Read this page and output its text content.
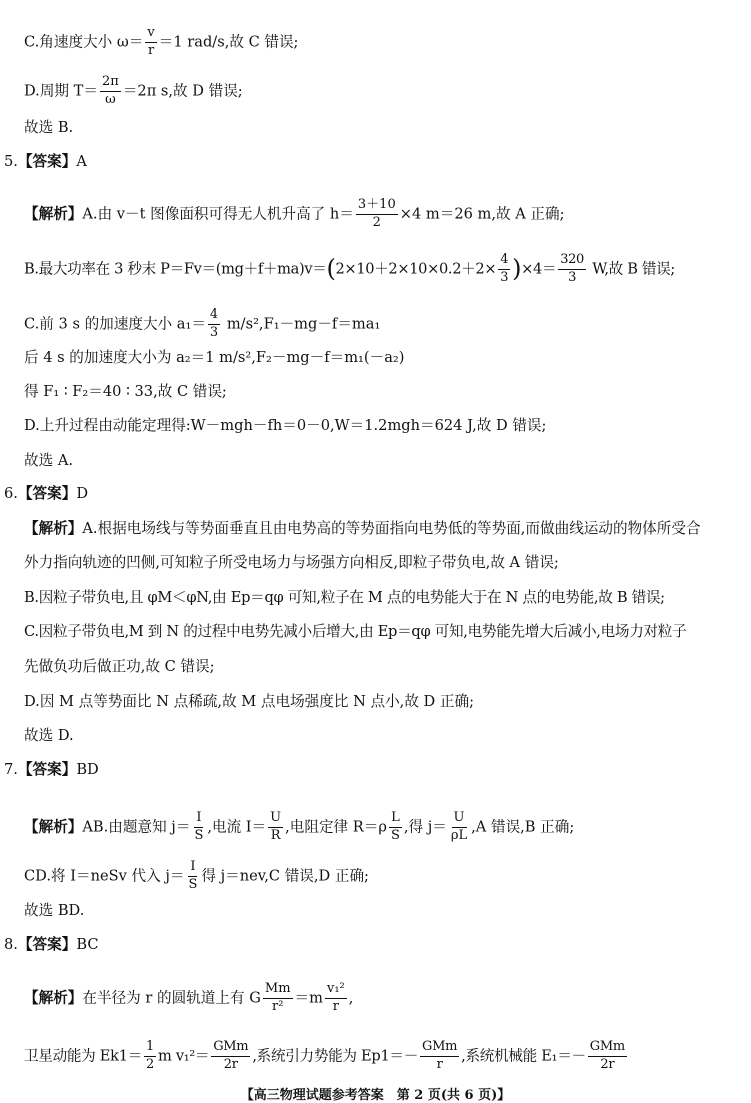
C.角速度大小 $\omega= \frac{v}{r} =1$ rad/s,故 C 错误;
D.周期 $T= \frac{2\pi}{\omega} =2\pi$ s,故 D 错误;
故选 B.
5.【答案】A
【解析】A.由 v－t 图像面积可得无人机升高了 $h= \frac{3+10}{2} \times 4$ m＝26 m,故 A 正确;
B.最大功率在 3 秒末 $P=Fv=(mg+f+ma)v=(2\times 10+2\times 10\times 0.2+2\times \frac{4}{3} )\times 4= \frac{320}{3} W$,故 B 错误;
C.前 3 s 的加速度大小 $a_1= \frac{4}{3} m/s^2,F_1-mg-f=ma_1$
后 4 s 的加速度大小为 a₂＝1 m/s²,F₂－mg－f＝m₁(－a₂)
得 F₁ ∶ F₂＝40 ∶ 33,故 C 错误;
D.上升过程由动能定理得:W－mgh－fh＝0－0,W＝1.2mgh＝624 J,故 D 错误;
故选 A.
6.【答案】D
【解析】A.根据电场线与等势面垂直且由电势高的等势面指向电势低的等势面,而做曲线运动的物体所受合
外力指向轨迹的凹侧,可知粒子所受电场力与场强方向相反,即粒子带负电,故 A 错误;
B.因粒子带负电,且 φM＜φN,由 Ep＝qφ 可知,粒子在 M 点的电势能大于在 N 点的电势能,故 B 错误;
C.因粒子带负电,M 到 N 的过程中电势先减小后增大,由 Ep＝qφ 可知,电势能先增大后减小,电场力对粒子
先做负功后做正功,故 C 错误;
D.因 M 点等势面比 N 点稀疏,故 M 点电场强度比 N 点小,故 D 正确;
故选 D.
7.【答案】BD
【解析】AB.由题意知 $j= \frac{I}{S}$ ,电流 $I= \frac{U}{R}$ ,电阻定律 $R=\rho \frac{L}{S}$ ,得 $j= \frac{U}{\rho L} ,A$ 错误,B 正确;
CD.将 I＝neSv 代入 $j= \frac{I}{S}$ 得 j＝nev,C 错误,D 正确;
故选 BD.
8.【答案】BC
【解析】在半径为 r 的圆轨道上有 G $\frac{Mm}{\text{r²}} =m \frac{\text{v₁²}}{r}$ ,
卫星动能为 $Ek1= \frac{1}{2}$ m $v_1^2= \frac{\text{GMm}}{2r}$ ,系统引力势能为 $Ep1=- \frac{\text{GMm}}{r}$ ,系统机械能 $E_1=- \frac{\text{GMm}}{2r}$
【高三物理试题参考答案　第 2 页(共 6 页)】
